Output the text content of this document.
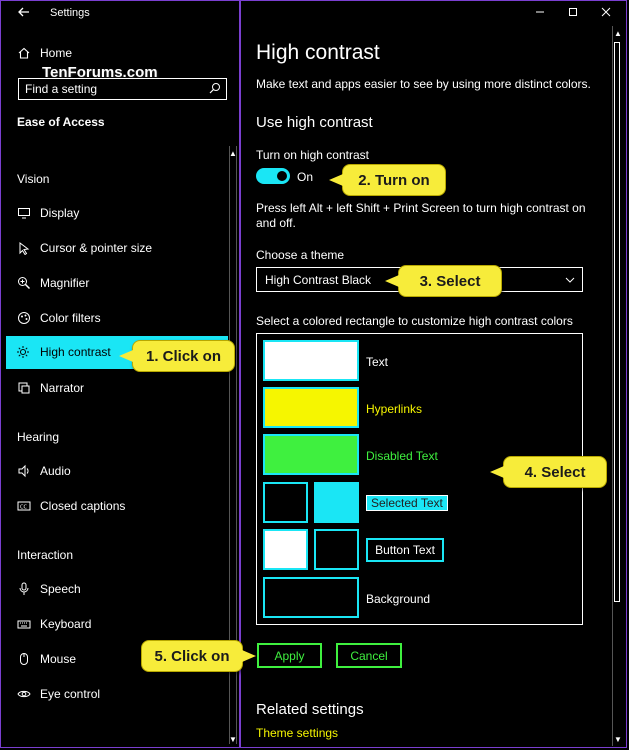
Settings
Home
TenForums.com
Find a setting
Ease of Access
▲
▼
Vision
Display
Cursor & pointer size
Magnifier
Color filters
High contrast
Narrator
Hearing
Audio
CC Closed captions
Interaction
Speech
Keyboard
Mouse
Eye control
High contrast
Make text and apps easier to see by using more distinct colors.
Use high contrast
Turn on high contrast
On
Press left Alt + left Shift + Print Screen to turn high contrast on
and off.
Choose a theme
High Contrast Black
Select a colored rectangle to customize high contrast colors
Text
Hyperlinks
Disabled Text
Selected Text
Button Text
Background
Apply	Cancel
Related settings
Theme settings
▲
▼
1. Click on
2. Turn on
3. Select
4. Select
5. Click on
